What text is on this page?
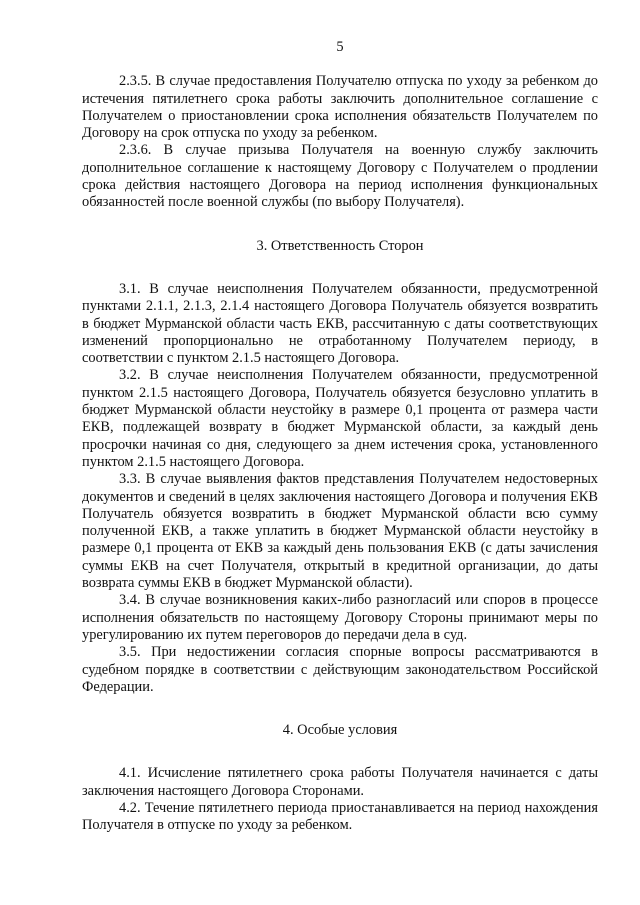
5

2.3.5. В случае предоставления Получателю отпуска по уходу за ребенком до истечения пятилетнего срока работы заключить дополнительное соглашение с Получателем о приостановлении срока исполнения обязательств Получателем по Договору на срок отпуска по уходу за ребенком.

2.3.6. В случае призыва Получателя на военную службу заключить дополнительное соглашение к настоящему Договору с Получателем о продлении срока действия настоящего Договора на период исполнения функциональных обязанностей после военной службы (по выбору Получателя).

3. Ответственность Сторон

3.1. В случае неисполнения Получателем обязанности, предусмотренной пунктами 2.1.1, 2.1.3, 2.1.4 настоящего Договора Получатель обязуется возвратить в бюджет Мурманской области часть ЕКВ, рассчитанную с даты соответствующих изменений пропорционально не отработанному Получателем периоду, в соответствии с пунктом 2.1.5 настоящего Договора.

3.2. В случае неисполнения Получателем обязанности, предусмотренной пунктом 2.1.5 настоящего Договора, Получатель обязуется безусловно уплатить в бюджет Мурманской области неустойку в размере 0,1 процента от размера части ЕКВ, подлежащей возврату в бюджет Мурманской области, за каждый день просрочки начиная со дня, следующего за днем истечения срока, установленного пунктом 2.1.5 настоящего Договора.

3.3. В случае выявления фактов представления Получателем недостоверных документов и сведений в целях заключения настоящего Договора и получения ЕКВ Получатель обязуется возвратить в бюджет Мурманской области всю сумму полученной ЕКВ, а также уплатить в бюджет Мурманской области неустойку в размере 0,1 процента от ЕКВ за каждый день пользования ЕКВ (с даты зачисления суммы ЕКВ на счет Получателя, открытый в кредитной организации, до даты возврата суммы ЕКВ в бюджет Мурманской области).

3.4. В случае возникновения каких-либо разногласий или споров в процессе исполнения обязательств по настоящему Договору Стороны принимают меры по урегулированию их путем переговоров до передачи дела в суд.

3.5. При недостижении согласия спорные вопросы рассматриваются в судебном порядке в соответствии с действующим законодательством Российской Федерации.

4. Особые условия

4.1. Исчисление пятилетнего срока работы Получателя начинается с даты заключения настоящего Договора Сторонами.

4.2. Течение пятилетнего периода приостанавливается на период нахождения Получателя в отпуске по уходу за ребенком.
